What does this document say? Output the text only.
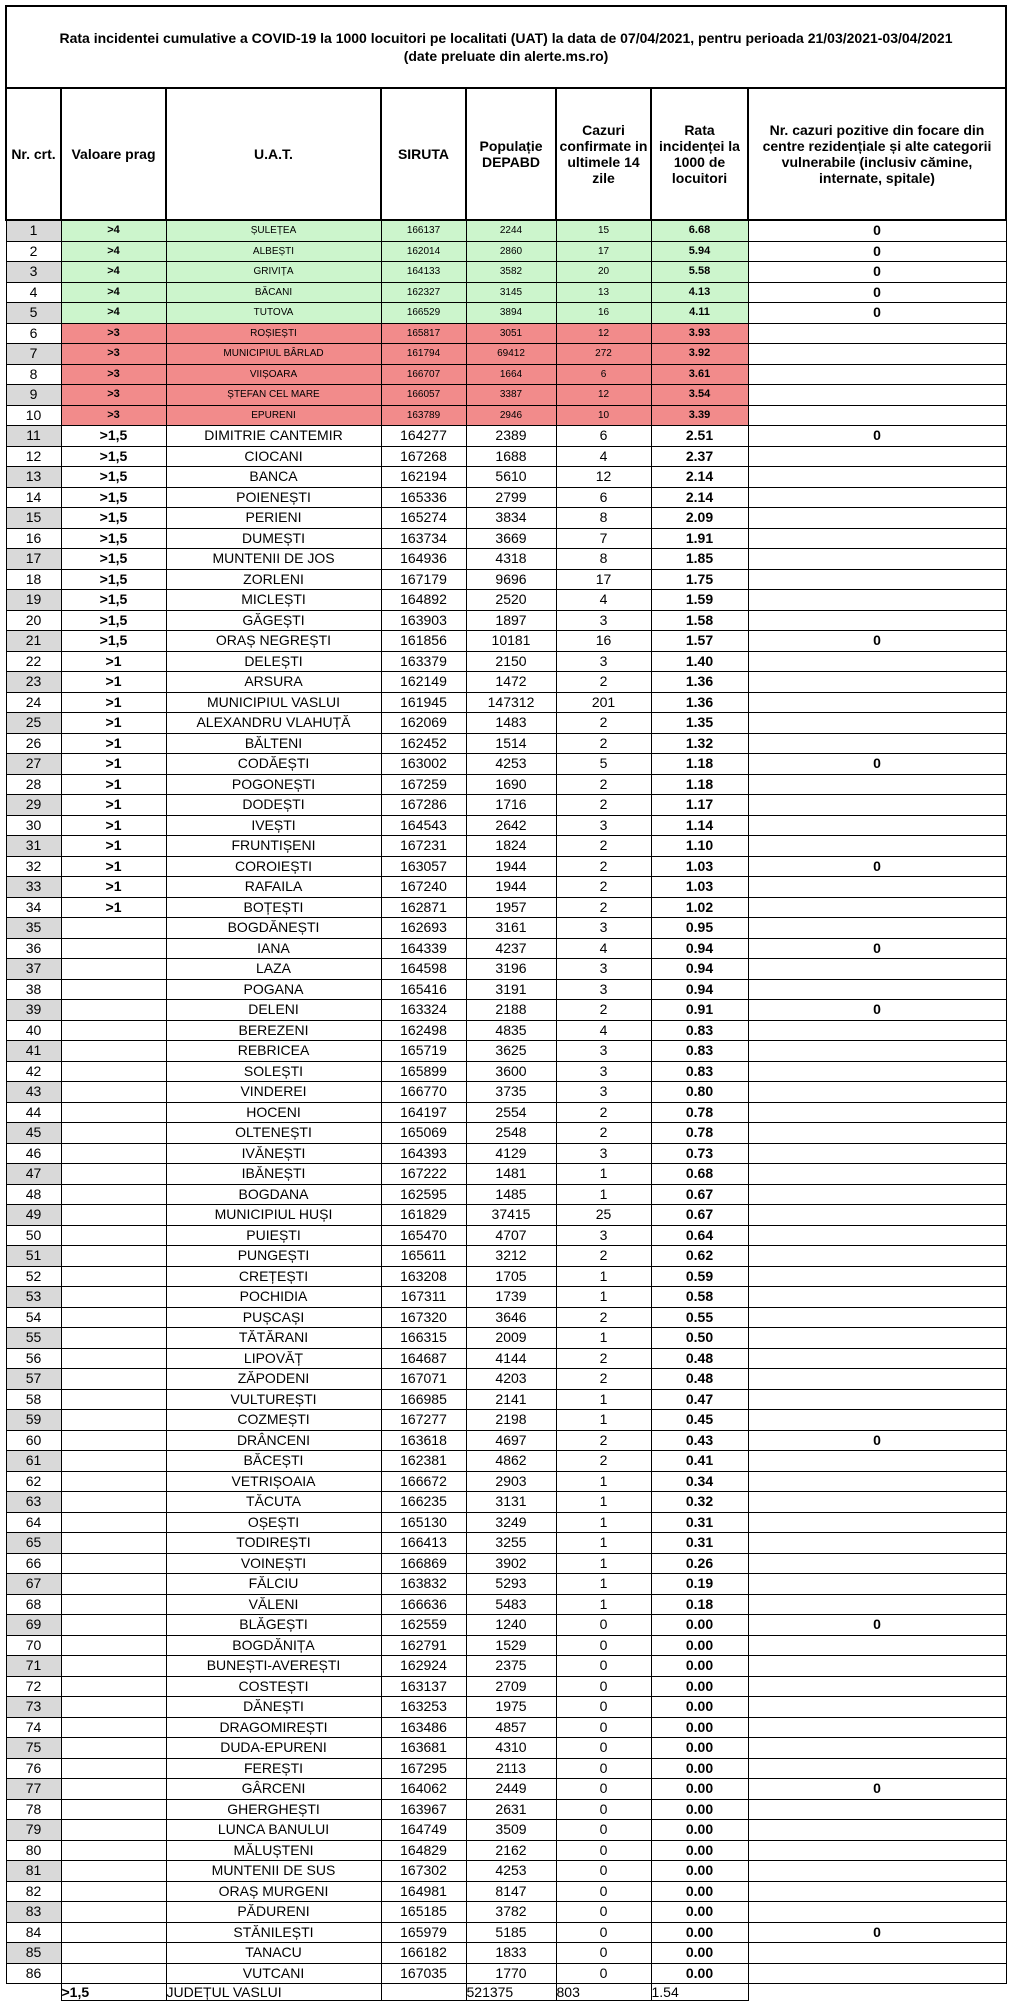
Rata incidentei cumulative a COVID-19 la 1000 locuitori pe localitati (UAT) la data de 07/04/2021, pentru perioada 21/03/2021-03/04/2021
(date preluate din alerte.ms.ro)							
Nr. crt.	Valoare prag	U.A.T.	SIRUTA	Populație DEPABD	Cazuri confirmate in ultimele 14 zile	Rata incidenței la 1000 de locuitori	Nr. cazuri pozitive din focare din centre rezidențiale și alte categorii vulnerabile (inclusiv cămine, internate, spitale)
1	>4	ȘULEȚEA	166137	2244	15	6.68	0
2	>4	ALBEȘTI	162014	2860	17	5.94	0
3	>4	GRIVIȚA	164133	3582	20	5.58	0
4	>4	BĂCANI	162327	3145	13	4.13	0
5	>4	TUTOVA	166529	3894	16	4.11	0
6	>3	ROȘIEȘTI	165817	3051	12	3.93	
7	>3	MUNICIPIUL BÂRLAD	161794	69412	272	3.92	
8	>3	VIIȘOARA	166707	1664	6	3.61	
9	>3	ȘTEFAN CEL MARE	166057	3387	12	3.54	
10	>3	EPURENI	163789	2946	10	3.39	
11	>1,5	DIMITRIE CANTEMIR	164277	2389	6	2.51	0
12	>1,5	CIOCANI	167268	1688	4	2.37	
13	>1,5	BANCA	162194	5610	12	2.14	
14	>1,5	POIENEȘTI	165336	2799	6	2.14	
15	>1,5	PERIENI	165274	3834	8	2.09	
16	>1,5	DUMEȘTI	163734	3669	7	1.91	
17	>1,5	MUNTENII DE JOS	164936	4318	8	1.85	
18	>1,5	ZORLENI	167179	9696	17	1.75	
19	>1,5	MICLEȘTI	164892	2520	4	1.59	
20	>1,5	GĂGEȘTI	163903	1897	3	1.58	
21	>1,5	ORAȘ NEGREȘTI	161856	10181	16	1.57	0
22	>1	DELEȘTI	163379	2150	3	1.40	
23	>1	ARSURA	162149	1472	2	1.36	
24	>1	MUNICIPIUL VASLUI	161945	147312	201	1.36	
25	>1	ALEXANDRU VLAHUȚĂ	162069	1483	2	1.35	
26	>1	BĂLTENI	162452	1514	2	1.32	
27	>1	CODĂEȘTI	163002	4253	5	1.18	0
28	>1	POGONEȘTI	167259	1690	2	1.18	
29	>1	DODEȘTI	167286	1716	2	1.17	
30	>1	IVEȘTI	164543	2642	3	1.14	
31	>1	FRUNTIȘENI	167231	1824	2	1.10	
32	>1	COROIEȘTI	163057	1944	2	1.03	0
33	>1	RAFAILA	167240	1944	2	1.03	
34	>1	BOȚEȘTI	162871	1957	2	1.02	
35		BOGDĂNEȘTI	162693	3161	3	0.95	
36		IANA	164339	4237	4	0.94	0
37		LAZA	164598	3196	3	0.94	
38		POGANA	165416	3191	3	0.94	
39		DELENI	163324	2188	2	0.91	0
40		BEREZENI	162498	4835	4	0.83	
41		REBRICEA	165719	3625	3	0.83	
42		SOLEȘTI	165899	3600	3	0.83	
43		VINDEREI	166770	3735	3	0.80	
44		HOCENI	164197	2554	2	0.78	
45		OLTENEȘTI	165069	2548	2	0.78	
46		IVĂNEȘTI	164393	4129	3	0.73	
47		IBĂNEȘTI	167222	1481	1	0.68	
48		BOGDANA	162595	1485	1	0.67	
49		MUNICIPIUL HUȘI	161829	37415	25	0.67	
50		PUIEȘTI	165470	4707	3	0.64	
51		PUNGEȘTI	165611	3212	2	0.62	
52		CREȚEȘTI	163208	1705	1	0.59	
53		POCHIDIA	167311	1739	1	0.58	
54		PUȘCAȘI	167320	3646	2	0.55	
55		TĂTĂRANI	166315	2009	1	0.50	
56		LIPOVĂȚ	164687	4144	2	0.48	
57		ZĂPODENI	167071	4203	2	0.48	
58		VULTUREȘTI	166985	2141	1	0.47	
59		COZMEȘTI	167277	2198	1	0.45	
60		DRÂNCENI	163618	4697	2	0.43	0
61		BĂCEȘTI	162381	4862	2	0.41	
62		VETRIȘOAIA	166672	2903	1	0.34	
63		TĂCUTA	166235	3131	1	0.32	
64		OȘEȘTI	165130	3249	1	0.31	
65		TODIREȘTI	166413	3255	1	0.31	
66		VOINEȘTI	166869	3902	1	0.26	
67		FĂLCIU	163832	5293	1	0.19	
68		VĂLENI	166636	5483	1	0.18	
69		BLĂGEȘTI	162559	1240	0	0.00	0
70		BOGDĂNIȚA	162791	1529	0	0.00	
71		BUNEȘTI-AVEREȘTI	162924	2375	0	0.00	
72		COSTEȘTI	163137	2709	0	0.00	
73		DĂNEȘTI	163253	1975	0	0.00	
74		DRAGOMIREȘTI	163486	4857	0	0.00	
75		DUDA-EPURENI	163681	4310	0	0.00	
76		FEREȘTI	167295	2113	0	0.00	
77		GÂRCENI	164062	2449	0	0.00	0
78		GHERGHEȘTI	163967	2631	0	0.00	
79		LUNCA BANULUI	164749	3509	0	0.00	
80		MĂLUȘTENI	164829	2162	0	0.00	
81		MUNTENII DE SUS	167302	4253	0	0.00	
82		ORAȘ MURGENI	164981	8147	0	0.00	
83		PĂDURENI	165185	3782	0	0.00	
84		STĂNILEȘTI	165979	5185	0	0.00	0
85		TANACU	166182	1833	0	0.00	
86		VUTCANI	167035	1770	0	0.00	
	>1,5	JUDEȚUL VASLUI		521375	803	1.54	
